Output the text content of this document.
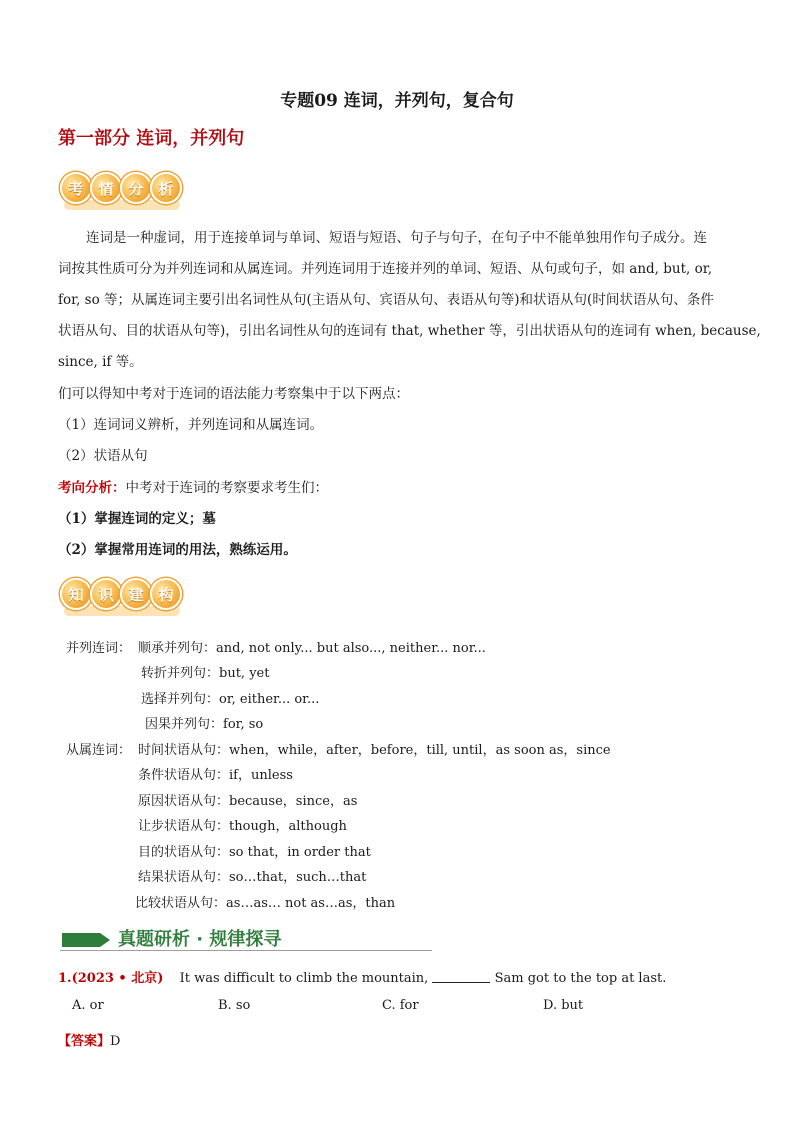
专题09 连词，并列句，复合句
第一部分 连词，并列句
考 情 分 析
连词是一种虚词，用于连接单词与单词、短语与短语、句子与句子，在句子中不能单独用作句子成分。连
词按其性质可分为并列连词和从属连词。并列连词用于连接并列的单词、短语、从句或句子，如 and, but, or,
for, so 等；从属连词主要引出名词性从句(主语从句、宾语从句、表语从句等)和状语从句(时间状语从句、条件
状语从句、目的状语从句等)，引出名词性从句的连词有 that, whether 等，引出状语从句的连词有 when, because,
since, if 等。
们可以得知中考对于连词的语法能力考察集中于以下两点：
（1）连词词义辨析，并列连词和从属连词。
（2）状语从句
考向分析：中考对于连词的考察要求考生们：
（1）掌握连词的定义；墓
（2）掌握常用连词的用法，熟练运用。
知 识 建 构
并列连词： 顺承并列句：and, not only... but also..., neither... nor...
转折并列句：but, yet
选择并列句：or, either... or...
因果并列句：for, so
从属连词： 时间状语从句：when，while，after，before，till, until，as soon as，since
条件状语从句：if，unless
原因状语从句：because，since，as
让步状语从句：though，although
目的状语从句：so that，in order that
结果状语从句：so…that，such…that
比较状语从句：as…as… not as…as，than
真题研析 · 规律探寻
1.(2023 • 北京) It was difficult to climb the mountain,	Sam got to the top at last.
A. or	B. so	C. for	D. but
【答案】D
